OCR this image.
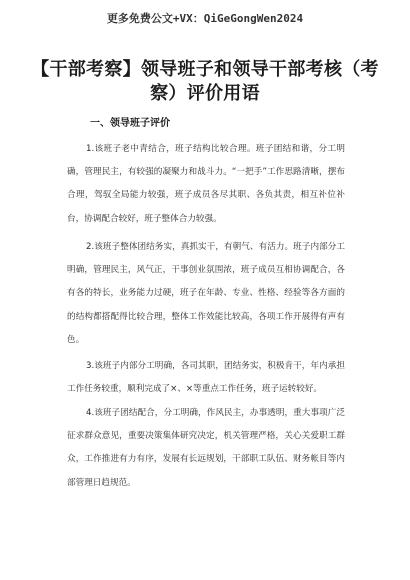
更多免费公文+VX：QiGeGongWen2024
【干部考察】领导班子和领导干部考核（考察）评价用语
一、领导班子评价

1.该班子老中青结合，班子结构比较合理。班子团结和谐，分工明确，管理民主，有较强的凝聚力和战斗力。“一把手”工作思路清晰，摆布合理，驾驭全局能力较强，班子成员各尽其职、各负其责，相互补位补台，协调配合较好，班子整体合力较强。

2.该班子整体团结务实，真抓实干，有朝气、有活力。班子内部分工明确，管理民主，风气正，干事创业氛围浓，班子成员互相协调配合，各有各的特长，业务能力过硬，班子在年龄、专业、性格、经验等各方面的的结构都搭配得比较合理，整体工作效能比较高，各项工作开展得有声有色。

3.该班子内部分工明确，各司其职，团结务实，积极肯干，年内承担工作任务较重，顺利完成了×、×等重点工作任务，班子运转较好。

4.该班子团结配合，分工明确，作风民主，办事透明，重大事项广泛征求群众意见，重要决策集体研究决定，机关管理严格，关心关爱职工群众，工作推进有力有序，发展有长远规划，干部职工队伍、财务帐目等内部管理日趋规范。
